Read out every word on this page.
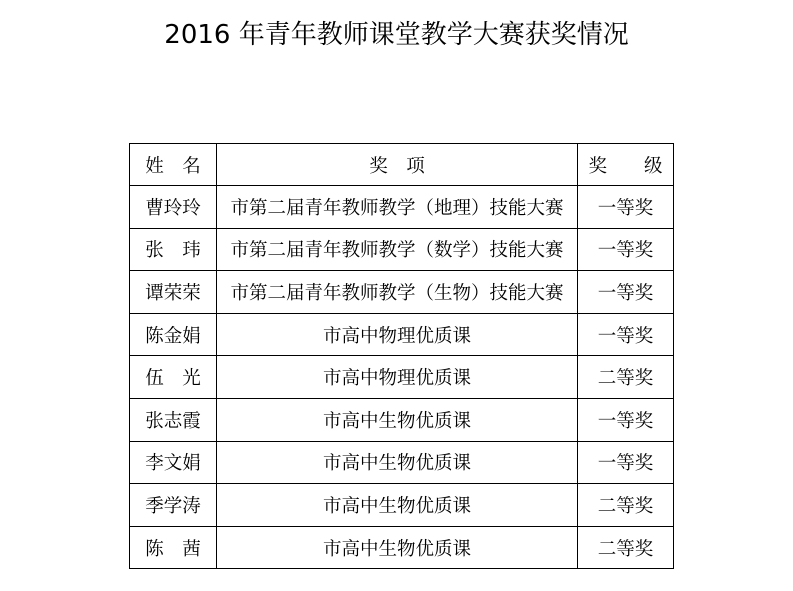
2016 年青年教师课堂教学大赛获奖情况
姓　名	奖　项	奖　　级
曹玲玲	市第二届青年教师教学（地理）技能大赛	一等奖
张　玮	市第二届青年教师教学（数学）技能大赛	一等奖
谭荣荣	市第二届青年教师教学（生物）技能大赛	一等奖
陈金娟	市高中物理优质课	一等奖
伍　光	市高中物理优质课	二等奖
张志霞	市高中生物优质课	一等奖
李文娟	市高中生物优质课	一等奖
季学涛	市高中生物优质课	二等奖
陈　茜	市高中生物优质课	二等奖
